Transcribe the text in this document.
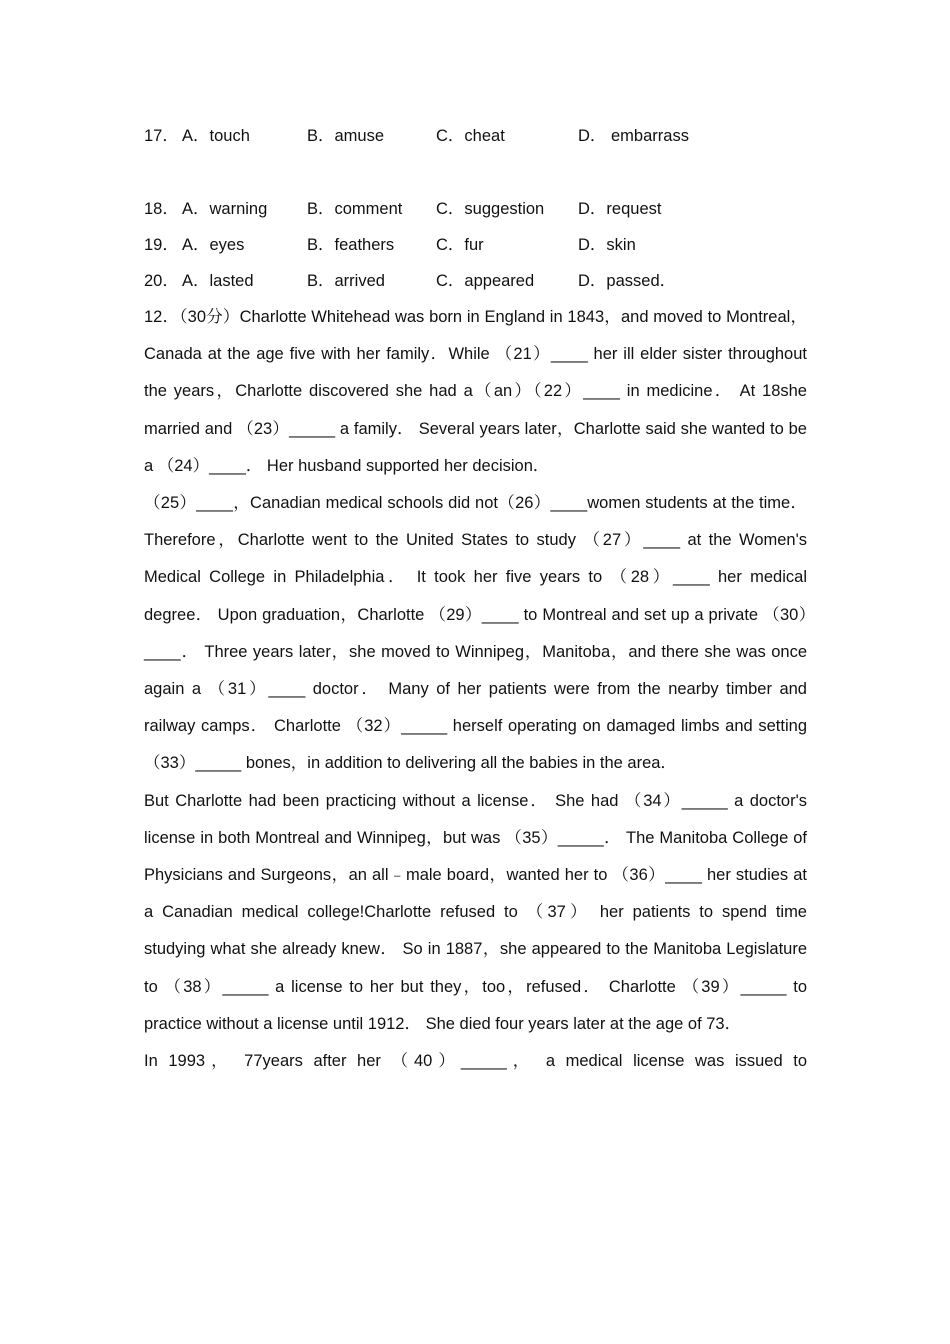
17． A．touch	B．amuse	C．cheat	D． embarrass
18． A．warning B．comment C．suggestion D．request
19． A．eyes	B．feathers	C．fur	D．skin
20． A．lasted	B．arrived	C．appeared	D．passed．

12．（30分）Charlotte Whitehead was born in England in 1843，and moved to Montreal，Canada at the age five with her family．While （21）____ her ill elder sister throughout the years，Charlotte discovered she had a（an）（22）____ in medicine． At 18she married and （23）_____ a family． Several years later，Charlotte said she wanted to be a （24）____． Her husband supported her decision．

（25）____，Canadian medical schools did not（26）____women students at the time． Therefore，Charlotte went to the United States to study （27）____ at the Women's Medical College in Philadelphia． It took her five years to （28）____ her medical degree． Upon graduation，Charlotte （29）____ to Montreal and set up a private （30）____． Three years later，she moved to Winnipeg，Manitoba，and there she was once again a （31）____ doctor． Many of her patients were from the nearby timber and railway camps． Charlotte （32）_____ herself operating on damaged limbs and setting （33）_____ bones，in addition to delivering all the babies in the area．

But Charlotte had been practicing without a license． She had （34）_____ a doctor's license in both Montreal and Winnipeg，but was （35）_____． The Manitoba College of Physicians and Surgeons，an all﹣male board，wanted her to （36）____ her studies at a Canadian medical college!Charlotte refused to （37） her patients to spend time studying what she already knew． So in 1887，she appeared to the Manitoba Legislature to （38）_____ a license to her but they，too，refused． Charlotte （39）_____ to practice without a license until 1912． She died four years later at the age of 73．

In 1993， 77years after her （40）_____， a medical license was issued to
